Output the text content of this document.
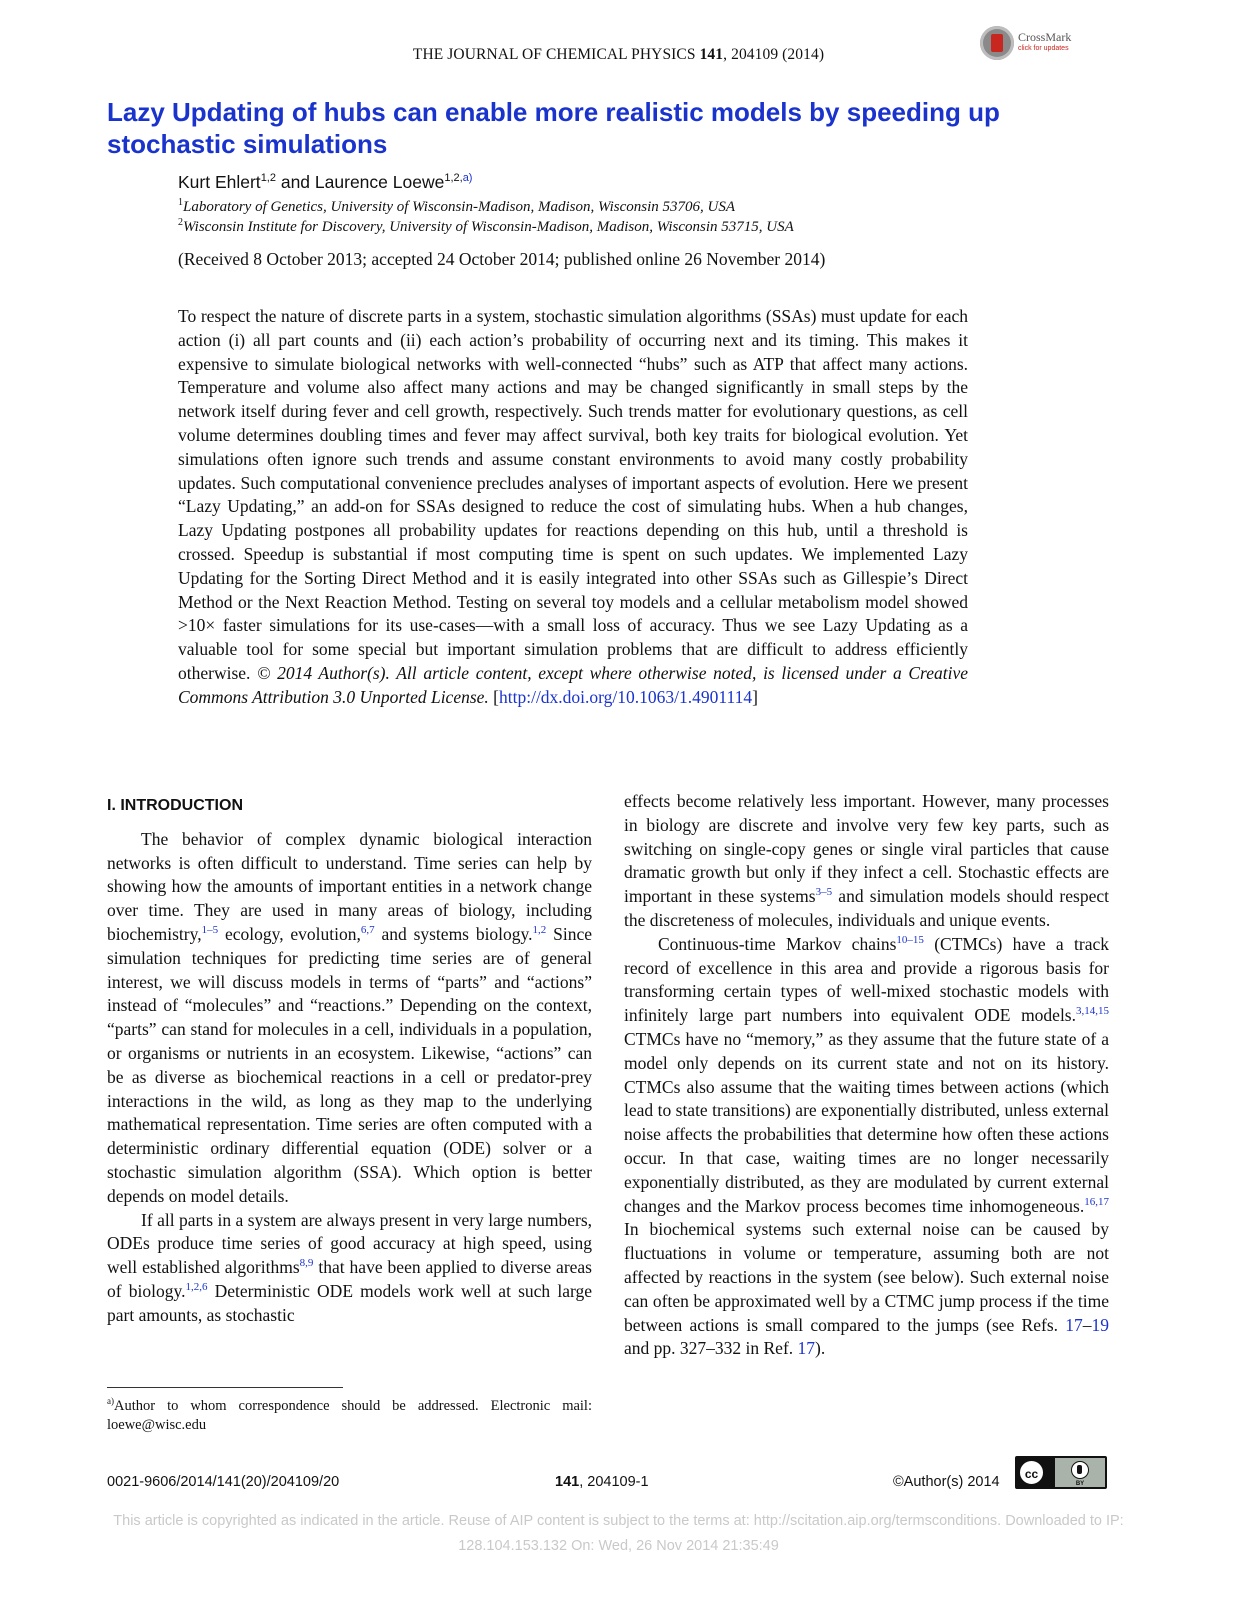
THE JOURNAL OF CHEMICAL PHYSICS 141, 204109 (2014)
CrossMark
click for updates
Lazy Updating of hubs can enable more realistic models by speeding up stochastic simulations
Kurt Ehlert$^{1,2}$ and Laurence Loewe$^{1,2,a)}$
$^1$Laboratory of Genetics, University of Wisconsin-Madison, Madison, Wisconsin 53706, USA
$^2$Wisconsin Institute for Discovery, University of Wisconsin-Madison, Madison, Wisconsin 53715, USA
(Received 8 October 2013; accepted 24 October 2014; published online 26 November 2014)
To respect the nature of discrete parts in a system, stochastic simulation algorithms (SSAs) must update for each action (i) all part counts and (ii) each action’s probability of occurring next and its timing. This makes it expensive to simulate biological networks with well-connected “hubs” such as ATP that affect many actions. Temperature and volume also affect many actions and may be changed significantly in small steps by the network itself during fever and cell growth, respectively. Such trends matter for evolutionary questions, as cell volume determines doubling times and fever may affect survival, both key traits for biological evolution. Yet simulations often ignore such trends and assume constant environments to avoid many costly probability updates. Such computational convenience precludes analyses of important aspects of evolution. Here we present “Lazy Updating,” an add-on for SSAs designed to reduce the cost of simulating hubs. When a hub changes, Lazy Updating postpones all probability updates for reactions depending on this hub, until a threshold is crossed. Speedup is substantial if most computing time is spent on such updates. We implemented Lazy Updating for the Sorting Direct Method and it is easily integrated into other SSAs such as Gillespie’s Direct Method or the Next Reaction Method. Testing on several toy models and a cellular metabolism model showed >10× faster simulations for its use-cases—with a small loss of accuracy. Thus we see Lazy Updating as a valuable tool for some special but important simulation problems that are difficult to address efficiently otherwise. © 2014 Author(s). All article content, except where otherwise noted, is licensed under a Creative Commons Attribution 3.0 Unported License. [http://dx.doi.org/10.1063/1.4901114]
I. INTRODUCTION

The behavior of complex dynamic biological interaction networks is often difficult to understand. Time series can help by showing how the amounts of important entities in a network change over time. They are used in many areas of biology, including biochemistry,$^{1-5}$ ecology, evolution,$^{6,7}$ and systems biology.$^{1,2}$ Since simulation techniques for predicting time series are of general interest, we will discuss models in terms of “parts” and “actions” instead of “molecules” and “reactions.” Depending on the context, “parts” can stand for molecules in a cell, individuals in a population, or organisms or nutrients in an ecosystem. Likewise, “actions” can be as diverse as biochemical reactions in a cell or predator-prey interactions in the wild, as long as they map to the underlying mathematical representation. Time series are often computed with a deterministic ordinary differential equation (ODE) solver or a stochastic simulation algorithm (SSA). Which option is better depends on model details.

If all parts in a system are always present in very large numbers, ODEs produce time series of good accuracy at high speed, using well established algorithms$^{8,9}$ that have been applied to diverse areas of biology.$^{1,2,6}$ Deterministic ODE models work well at such large part amounts, as stochastic

effects become relatively less important. However, many processes in biology are discrete and involve very few key parts, such as switching on single-copy genes or single viral particles that cause dramatic growth but only if they infect a cell. Stochastic effects are important in these systems$^{3-5}$ and simulation models should respect the discreteness of molecules, individuals and unique events.

Continuous-time Markov chains$^{10-15}$ (CTMCs) have a track record of excellence in this area and provide a rigorous basis for transforming certain types of well-mixed stochastic models with infinitely large part numbers into equivalent ODE models.$^{3,14,15}$ CTMCs have no “memory,” as they assume that the future state of a model only depends on its current state and not on its history. CTMCs also assume that the waiting times between actions (which lead to state transitions) are exponentially distributed, unless external noise affects the probabilities that determine how often these actions occur. In that case, waiting times are no longer necessarily exponentially distributed, as they are modulated by current external changes and the Markov process becomes time inhomogeneous.$^{16,17}$ In biochemical systems such external noise can be caused by fluctuations in volume or temperature, assuming both are not affected by reactions in the system (see below). Such external noise can often be approximated well by a CTMC jump process if the time between actions is small compared to the jumps (see Refs. 17–19 and pp. 327–332 in Ref. 17).

$^{a)}$Author to whom correspondence should be addressed. Electronic mail: loewe@wisc.edu
0021-9606/2014/141(20)/204109/20	141, 204109-1	©Author(s) 2014	cc
BY
This article is copyrighted as indicated in the article. Reuse of AIP content is subject to the terms at: http://scitation.aip.org/termsconditions. Downloaded to IP:
128.104.153.132 On: Wed, 26 Nov 2014 21:35:49
